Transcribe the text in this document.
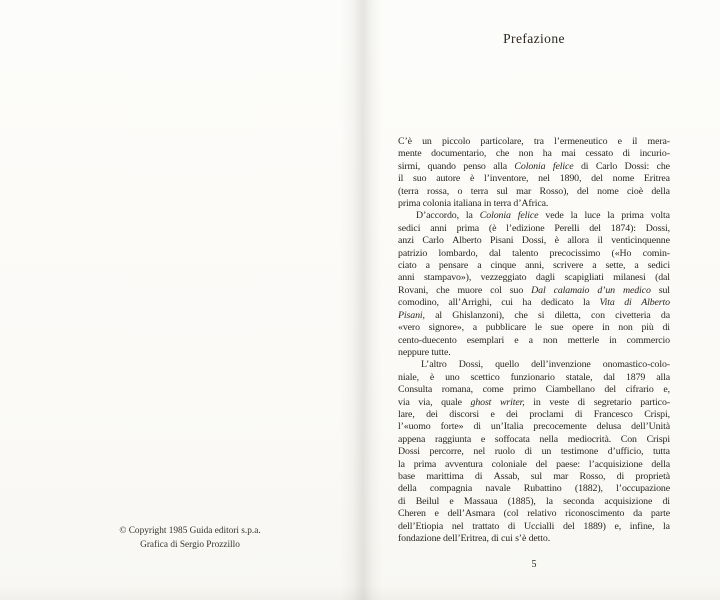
© Copyright 1985 Guida editori s.p.a.
Grafica di Sergio Prozzillo
Prefazione
C’è un piccolo particolare, tra l’ermeneutico e il mera-
mente documentario, che non ha mai cessato di incurio-
sirmi, quando penso alla Colonia felice di Carlo Dossi: che
il suo autore è l’inventore, nel 1890, del nome Eritrea
(terra rossa, o terra sul mar Rosso), del nome cioè della
prima colonia italiana in terra d’Africa.
D’accordo, la Colonia felice vede la luce la prima volta
sedici anni prima (è l’edizione Perelli del 1874): Dossi,
anzi Carlo Alberto Pisani Dossi, è allora il venticinquenne
patrizio lombardo, dal talento precocissimo («Ho comin-
ciato a pensare a cinque anni, scrivere a sette, a sedici
anni stampavo»), vezzeggiato dagli scapigliati milanesi (dal
Rovani, che muore col suo Dal calamaio d’un medico sul
comodino, all’Arrighi, cui ha dedicato la Vita di Alberto
Pisani, al Ghislanzoni), che si diletta, con civetteria da
«vero signore», a pubblicare le sue opere in non più di
cento-duecento esemplari e a non metterle in commercio
neppure tutte.
L’altro Dossi, quello dell’invenzione onomastico-colo-
niale, è uno scettico funzionario statale, dal 1879 alla
Consulta romana, come primo Ciambellano del cifrario e,
via via, quale ghost writer, in veste di segretario partico-
lare, dei discorsi e dei proclami di Francesco Crispi,
l’«uomo forte» di un’Italia precocemente delusa dell’Unità
appena raggiunta e soffocata nella mediocrità. Con Crispi
Dossi percorre, nel ruolo di un testimone d’ufficio, tutta
la prima avventura coloniale del paese: l’acquisizione della
base marittima di Assab, sul mar Rosso, di proprietà
della compagnia navale Rubattino (1882), l’occupazione
di Beilul e Massaua (1885), la seconda acquisizione di
Cheren e dell’Asmara (col relativo riconoscimento da parte
dell’Etiopia nel trattato di Uccialli del 1889) e, infine, la
fondazione dell’Eritrea, di cui s’è detto.
5
